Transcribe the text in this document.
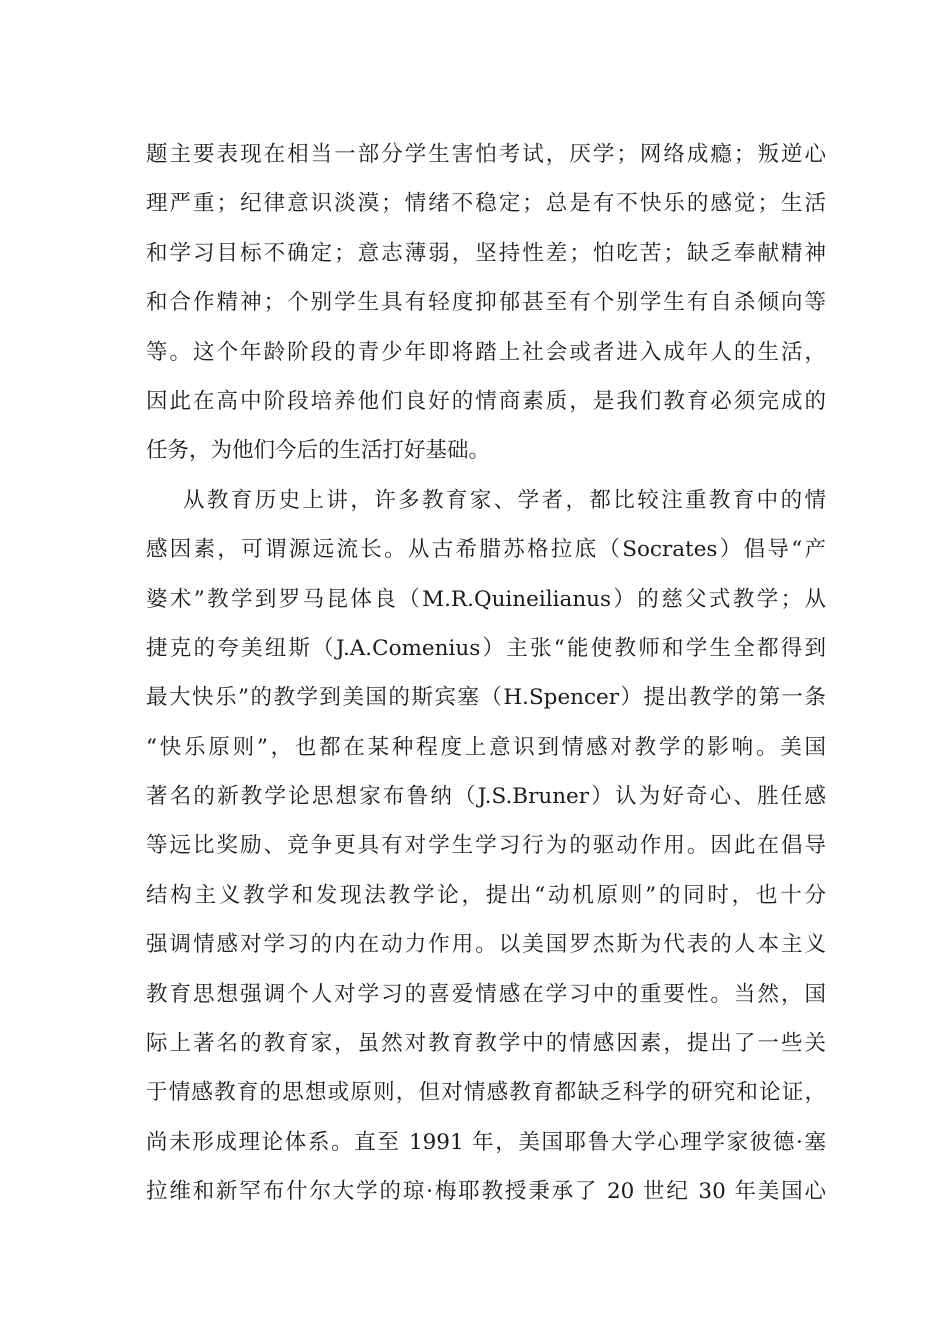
题主要表现在相当一部分学生害怕考试，厌学；网络成瘾；叛逆心
理严重；纪律意识淡漠；情绪不稳定；总是有不快乐的感觉；生活
和学习目标不确定；意志薄弱，坚持性差；怕吃苦；缺乏奉献精神
和合作精神；个别学生具有轻度抑郁甚至有个别学生有自杀倾向等
等。这个年龄阶段的青少年即将踏上社会或者进入成年人的生活，
因此在高中阶段培养他们良好的情商素质，是我们教育必须完成的
任务，为他们今后的生活打好基础。
从教育历史上讲，许多教育家、学者，都比较注重教育中的情
感因素，可谓源远流长。从古希腊苏格拉底（Socrates）倡导“产
婆术”教学到罗马昆体良（M.R.Quineilianus）的慈父式教学；从
捷克的夸美纽斯（J.A.Comenius）主张“能使教师和学生全都得到
最大快乐”的教学到美国的斯宾塞（H.Spencer）提出教学的第一条
“快乐原则”，也都在某种程度上意识到情感对教学的影响。美国
著名的新教学论思想家布鲁纳（J.S.Bruner）认为好奇心、胜任感
等远比奖励、竞争更具有对学生学习行为的驱动作用。因此在倡导
结构主义教学和发现法教学论，提出“动机原则”的同时，也十分
强调情感对学习的内在动力作用。以美国罗杰斯为代表的人本主义
教育思想强调个人对学习的喜爱情感在学习中的重要性。当然，国
际上著名的教育家，虽然对教育教学中的情感因素，提出了一些关
于情感教育的思想或原则，但对情感教育都缺乏科学的研究和论证，
尚未形成理论体系。直至 1991 年，美国耶鲁大学心理学家彼德·塞
拉维和新罕布什尔大学的琼·梅耶教授秉承了 20 世纪 30 年美国心
